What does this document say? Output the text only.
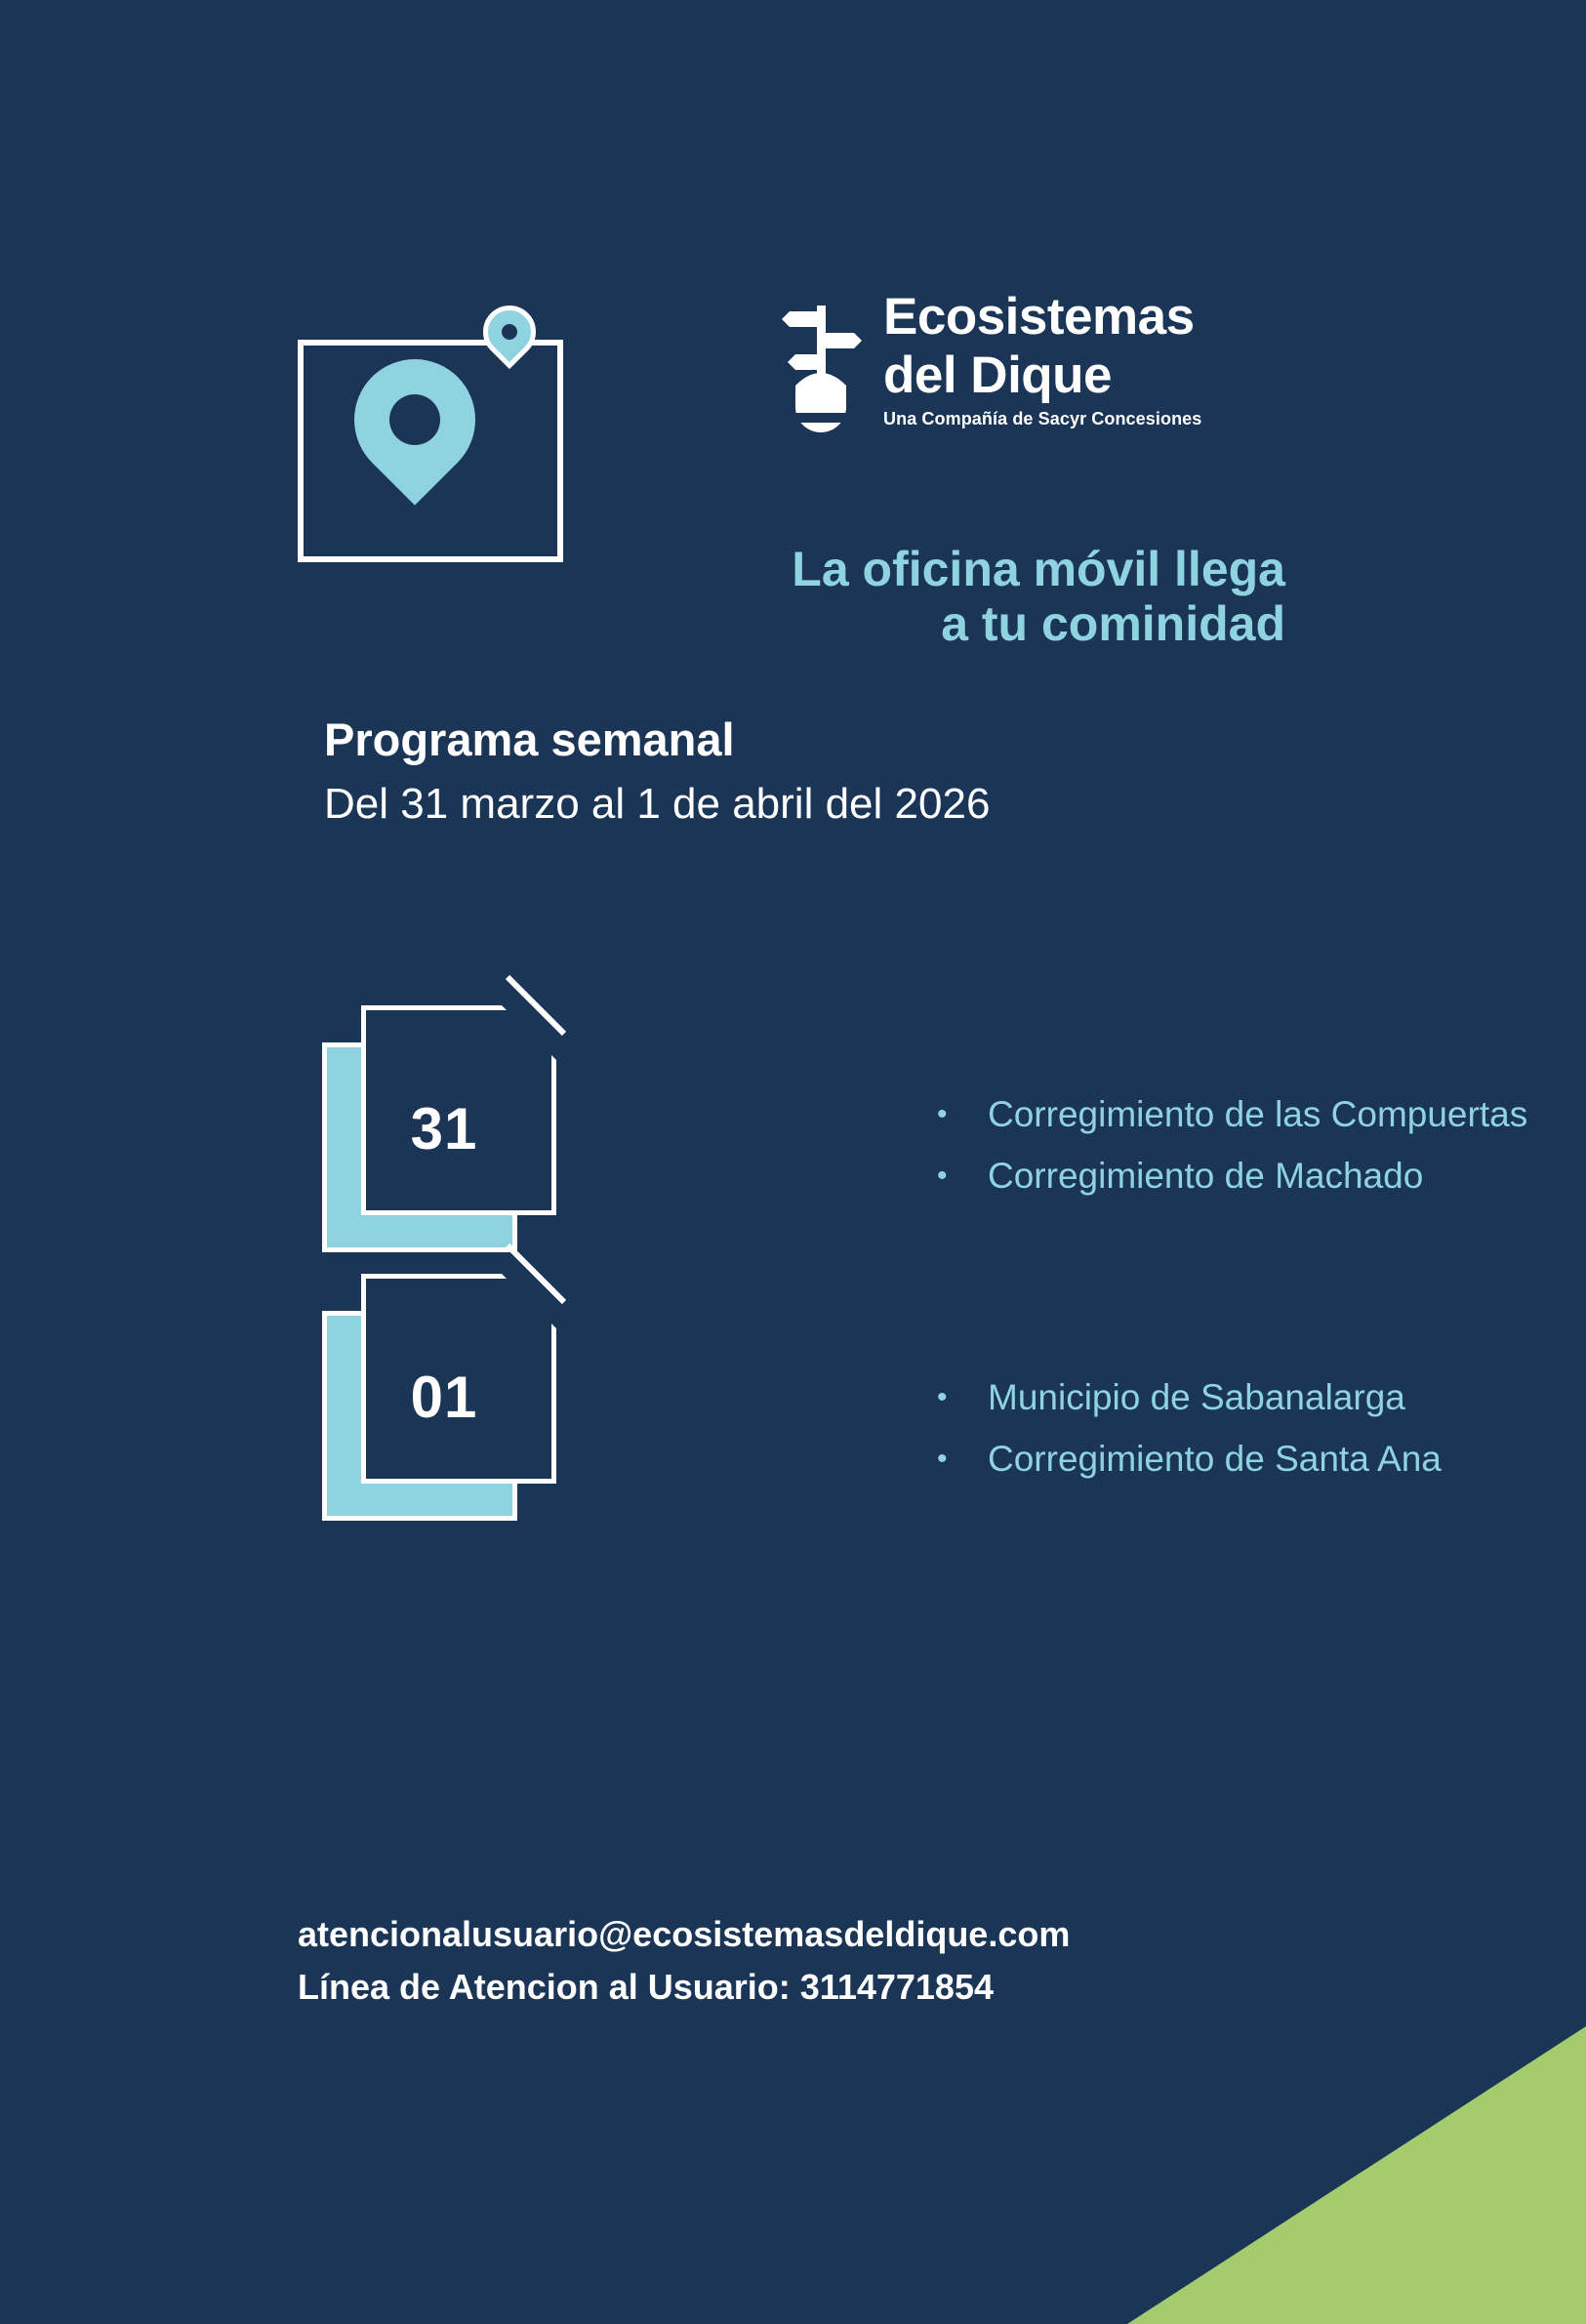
Ecosistemas
del Dique
Una Compañía de Sacyr Concesiones
La oficina móvil llega
a tu cominidad
Programa semanal
Del 31 marzo al 1 de abril del 2026
31	• Corregimiento de las Compuertas
• Corregimiento de Machado
01	• Municipio de Sabanalarga
• Corregimiento de Santa Ana
atencionalusuario@ecosistemasdeldique.com
Línea de Atencion al Usuario: 3114771854
